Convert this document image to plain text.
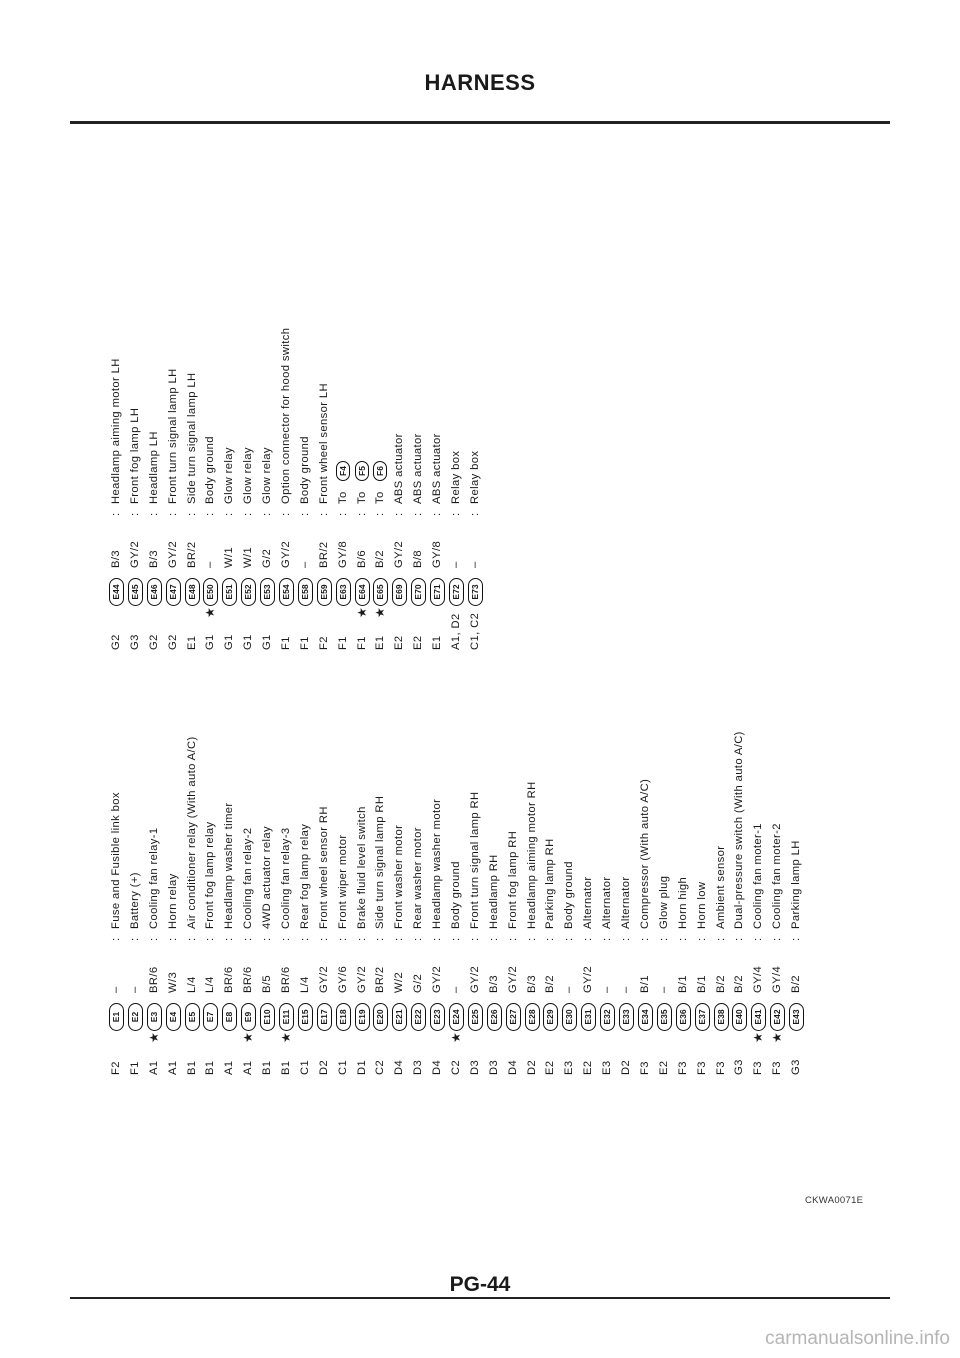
HARNESS
F2
E1
–
:
Fuse and Fusible link box
F1
E2
–
:
Battery (+)
A1
★
E3
BR/6
:
Cooling fan relay-1
A1
E4
W/3
:
Horn relay
B1
E5
L/4
:
Air conditioner relay (With auto A/C)
B1
E7
L/4
:
Front fog lamp relay
A1
E8
BR/6
:
Headlamp washer timer
A1
★
E9
BR/6
:
Cooling fan relay-2
B1
E10
B/5
:
4WD actuator relay
B1
★
E11
BR/6
:
Cooling fan relay-3
C1
E15
L/4
:
Rear fog lamp relay
D2
E17
GY/2
:
Front wheel sensor RH
C1
E18
GY/6
:
Front wiper motor
D1
E19
GY/2
:
Brake fluid level switch
C2
E20
BR/2
:
Side turn signal lamp RH
D4
E21
W/2
:
Front washer motor
D3
E22
G/2
:
Rear washer motor
D4
E23
GY/2
:
Headlamp washer motor
C2
★
E24
–
:
Body ground
D3
E25
GY/2
:
Front turn signal lamp RH
D3
E26
B/3
:
Headlamp RH
D4
E27
GY/2
:
Front fog lamp RH
D2
E28
B/3
:
Headlamp aiming motor RH
E2
E29
B/2
:
Parking lamp RH
E3
E30
–
:
Body ground
E2
E31
GY/2
:
Alternator
E3
E32
–
:
Alternator
D2
E33
–
:
Alternator
F3
E34
B/1
:
Compressor (With auto A/C)
E2
E35
–
:
Glow plug
F3
E36
B/1
:
Horn high
F3
E37
B/1
:
Horn low
F3
E38
B/2
:
Ambient sensor
G3
E40
B/2
:
Dual-pressure switch (With auto A/C)
F3
★
E41
GY/4
:
Cooling fan moter-1
F3
★
E42
GY/4
:
Cooling fan moter-2
G3
E43
B/2
:
Parking lamp LH
G2
E44
B/3
:
Headlamp aiming motor LH
G3
E45
GY/2
:
Front fog lamp LH
G2
E46
B/3
:
Headlamp LH
G2
E47
GY/2
:
Front turn signal lamp LH
E1
E48
BR/2
:
Side turn signal lamp LH
G1
★
E50
–
:
Body ground
G1
E51
W/1
:
Glow relay
G1
E52
W/1
:
Glow relay
G1
E53
G/2
:
Glow relay
F1
E54
GY/2
:
Option connector for hood switch
F1
E58
–
:
Body ground
F2
E59
BR/2
:
Front wheel sensor LH
F1
E63
GY/8
:
To
F4
F1
★
E64
B/6
:
To
F5
E1
★
E65
B/2
:
To
F6
E2
E69
GY/2
:
ABS actuator
E2
E70
B/8
:
ABS actuator
E1
E71
GY/8
:
ABS actuator
A1, D2
E72
–
:
Relay box
C1, C2
E73
–
:
Relay box
CKWA0071E
PG-44
carmanualsonline.info
